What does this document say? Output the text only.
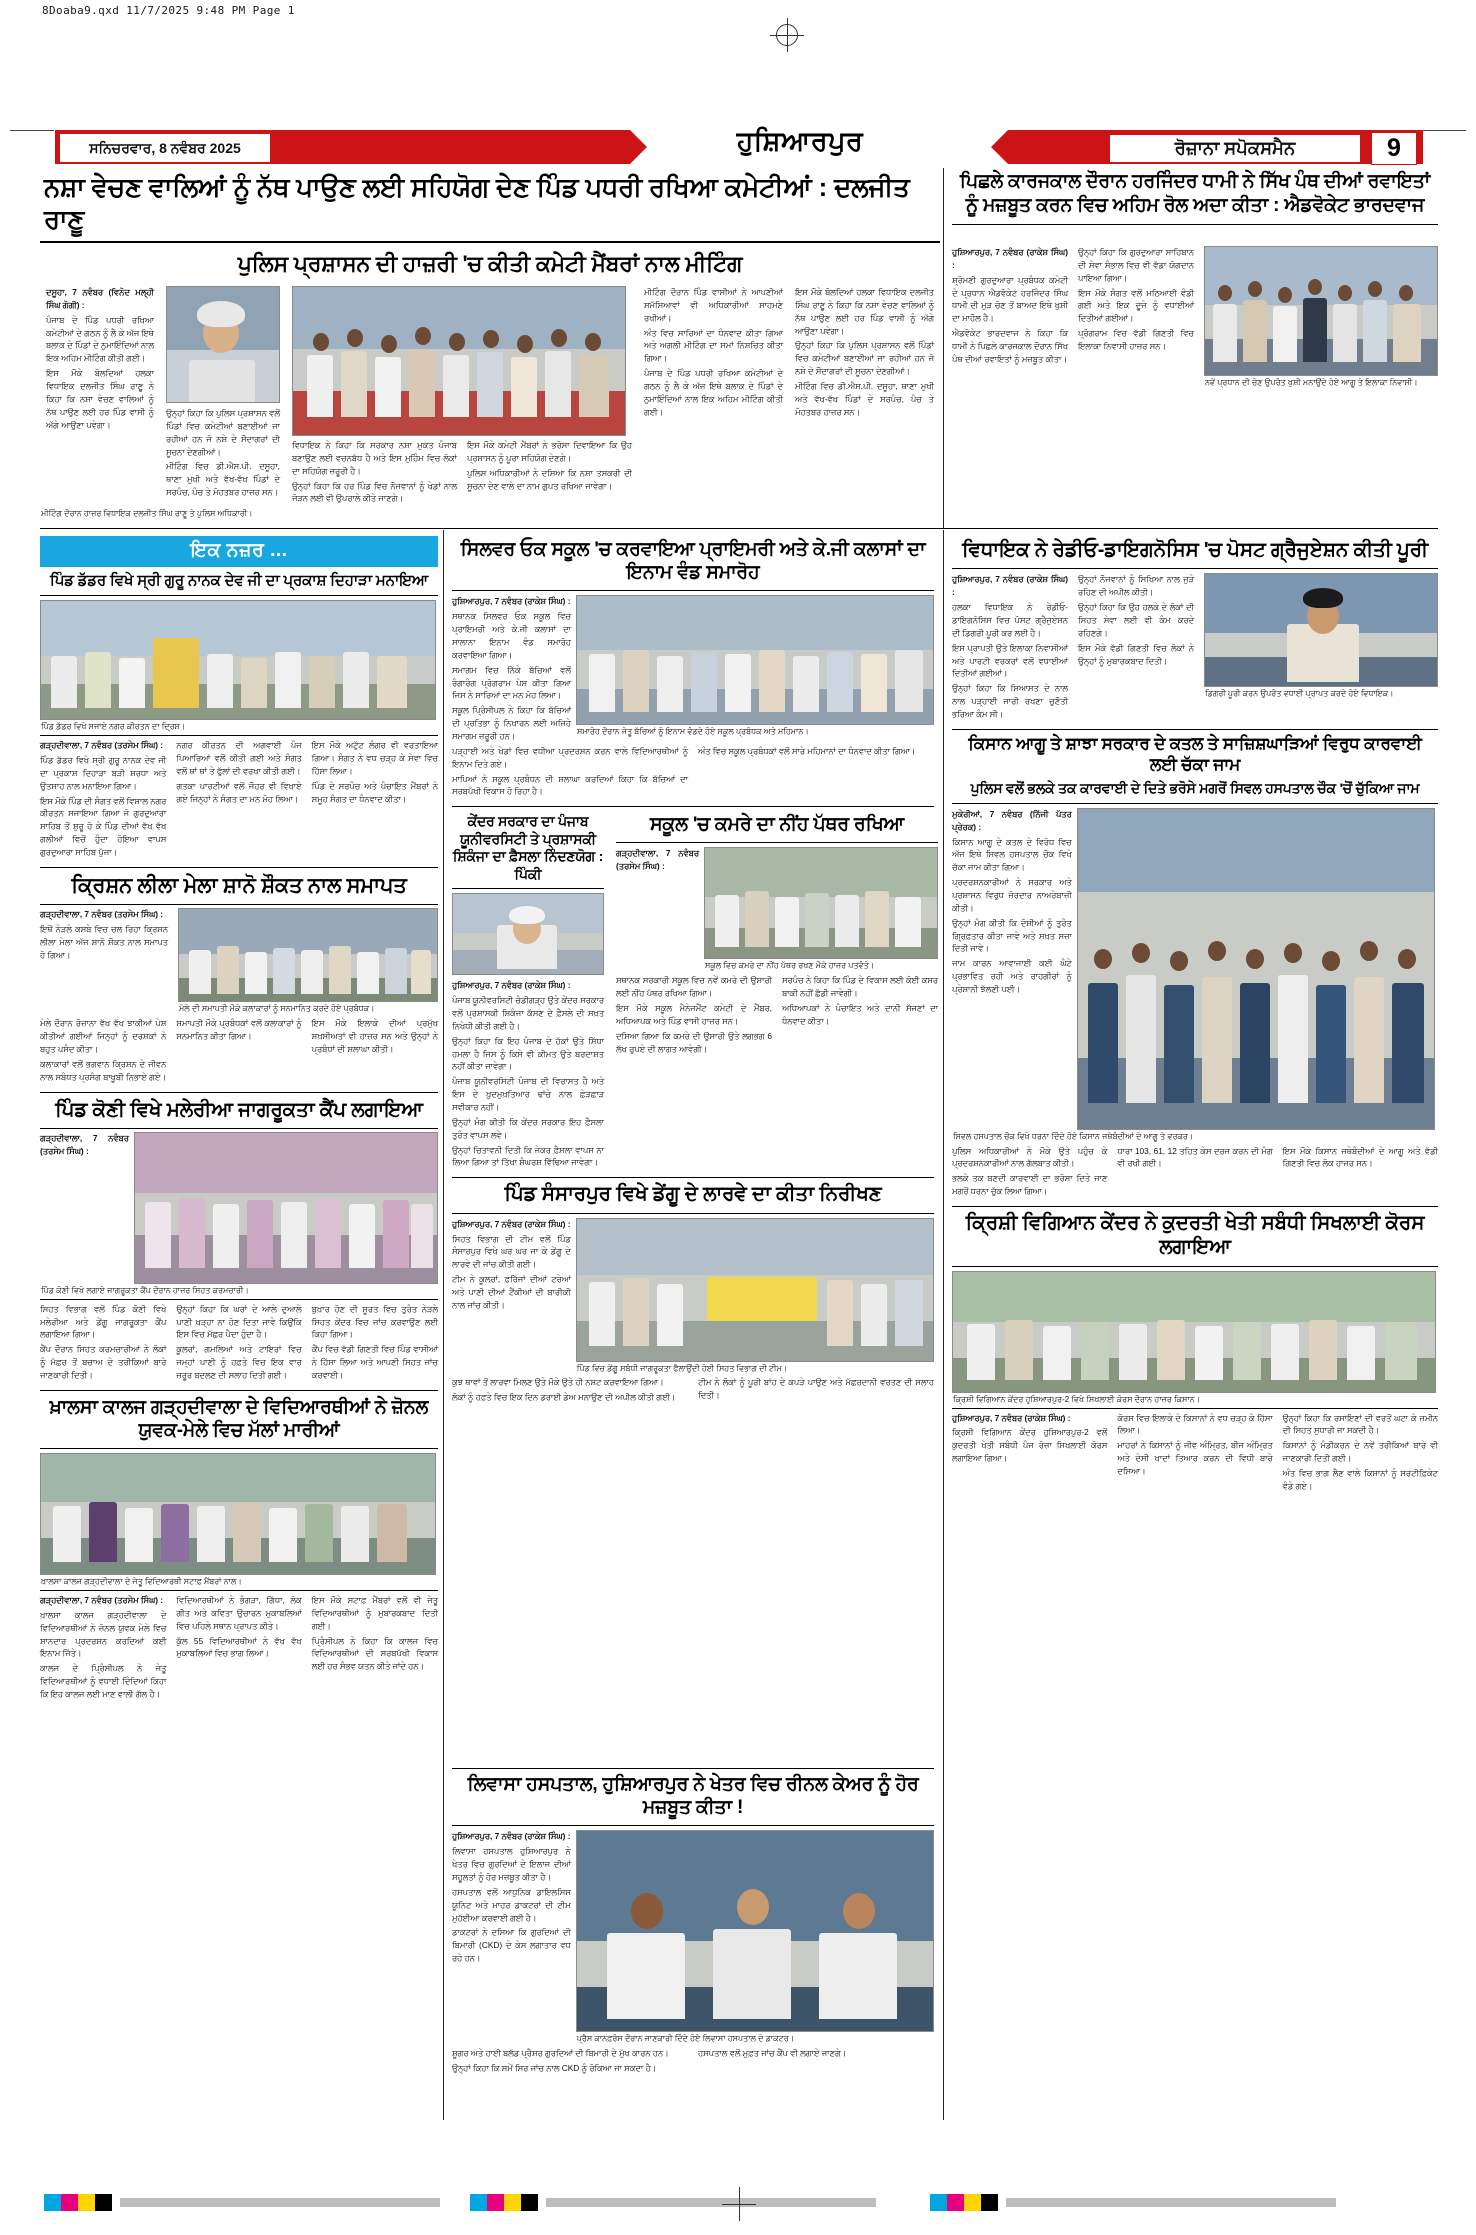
8Doaba9.qxd 11/7/2025 9:48 PM Page 1
ਸਨਿਚਰਵਾਰ, 8 ਨਵੰਬਰ 2025	ਹੁਸ਼ਿਆਰਪੁਰ	ਰੋਜ਼ਾਨਾ ਸਪੋਕਸਮੈਨ	9
ਨਸ਼ਾ ਵੇਚਣ ਵਾਲਿਆਂ ਨੂੰ ਨੱਥ ਪਾਉਣ ਲਈ ਸਹਿਯੋਗ ਦੇਣ ਪਿੰਡ ਪਧਰੀ ਰਖਿਆ ਕਮੇਟੀਆਂ : ਦਲਜੀਤ ਰਾਣੂ
ਪੁਲਿਸ ਪ੍ਰਸ਼ਾਸਨ ਦੀ ਹਾਜ਼ਰੀ 'ਚ ਕੀਤੀ ਕਮੇਟੀ ਮੈਂਬਰਾਂ ਨਾਲ ਮੀਟਿੰਗ
ਪਿਛਲੇ ਕਾਰਜਕਾਲ ਦੌਰਾਨ ਹਰਜਿੰਦਰ ਧਾਮੀ ਨੇ ਸਿੱਖ ਪੰਥ ਦੀਆਂ ਰਵਾਇਤਾਂ ਨੂੰ ਮਜ਼ਬੂਤ ਕਰਨ ਵਿਚ ਅਹਿਮ ਰੋਲ ਅਦਾ ਕੀਤਾ : ਐਡਵੋਕੇਟ ਭਾਰਦਵਾਜ

ਦਸੂਹਾ, 7 ਨਵੰਬਰ (ਵਿਨੋਦ ਮਲ੍ਹੀ ਸਿੰਘ ਗੋਗੀ) :

ਪੰਜਾਬ ਦੇ ਪਿੰਡ ਪਧਰੀ ਰਖਿਆ ਕਮੇਟੀਆਂ ਦੇ ਗਠਨ ਨੂੰ ਲੈ ਕੇ ਅੱਜ ਇਥੇ ਬਲਾਕ ਦੇ ਪਿੰਡਾਂ ਦੇ ਨੁਮਾਇੰਦਿਆਂ ਨਾਲ ਇਕ ਅਹਿਮ ਮੀਟਿੰਗ ਕੀਤੀ ਗਈ।

ਇਸ ਮੌਕੇ ਬੋਲਦਿਆਂ ਹਲਕਾ ਵਿਧਾਇਕ ਦਲਜੀਤ ਸਿੰਘ ਰਾਣੂ ਨੇ ਕਿਹਾ ਕਿ ਨਸ਼ਾ ਵੇਚਣ ਵਾਲਿਆਂ ਨੂੰ ਨੱਥ ਪਾਉਣ ਲਈ ਹਰ ਪਿੰਡ ਵਾਸੀ ਨੂੰ ਅੱਗੇ ਆਉਣਾ ਪਵੇਗਾ।

ਉਨ੍ਹਾਂ ਕਿਹਾ ਕਿ ਪੁਲਿਸ ਪ੍ਰਸ਼ਾਸਨ ਵਲੋਂ ਪਿੰਡਾਂ ਵਿਚ ਕਮੇਟੀਆਂ ਬਣਾਈਆਂ ਜਾ ਰਹੀਆਂ ਹਨ ਜੋ ਨਸ਼ੇ ਦੇ ਸੌਦਾਗਰਾਂ ਦੀ ਸੂਚਨਾ ਦੇਣਗੀਆਂ।

ਮੀਟਿੰਗ ਵਿਚ ਡੀ.ਐਸ.ਪੀ. ਦਸੂਹਾ, ਥਾਣਾ ਮੁਖੀ ਅਤੇ ਵੱਖ-ਵੱਖ ਪਿੰਡਾਂ ਦੇ ਸਰਪੰਚ, ਪੰਚ ਤੇ ਮੋਹਤਬਰ ਹਾਜ਼ਰ ਸਨ।

ਵਿਧਾਇਕ ਨੇ ਕਿਹਾ ਕਿ ਸਰਕਾਰ ਨਸ਼ਾ ਮੁਕਤ ਪੰਜਾਬ ਬਣਾਉਣ ਲਈ ਵਚਨਬੱਧ ਹੈ ਅਤੇ ਇਸ ਮੁਹਿੰਮ ਵਿਚ ਲੋਕਾਂ ਦਾ ਸਹਿਯੋਗ ਜ਼ਰੂਰੀ ਹੈ।

ਉਨ੍ਹਾਂ ਕਿਹਾ ਕਿ ਹਰ ਪਿੰਡ ਵਿਚ ਨੌਜਵਾਨਾਂ ਨੂੰ ਖੇਡਾਂ ਨਾਲ ਜੋੜਨ ਲਈ ਵੀ ਉਪਰਾਲੇ ਕੀਤੇ ਜਾਣਗੇ।

ਇਸ ਮੌਕੇ ਕਮੇਟੀ ਮੈਂਬਰਾਂ ਨੇ ਭਰੋਸਾ ਦਿਵਾਇਆ ਕਿ ਉਹ ਪ੍ਰਸ਼ਾਸਨ ਨੂੰ ਪੂਰਾ ਸਹਿਯੋਗ ਦੇਣਗੇ।

ਪੁਲਿਸ ਅਧਿਕਾਰੀਆਂ ਨੇ ਦਸਿਆ ਕਿ ਨਸ਼ਾ ਤਸਕਰੀ ਦੀ ਸੂਚਨਾ ਦੇਣ ਵਾਲੇ ਦਾ ਨਾਮ ਗੁਪਤ ਰਖਿਆ ਜਾਵੇਗਾ।

ਮੀਟਿੰਗ ਦੌਰਾਨ ਪਿੰਡ ਵਾਸੀਆਂ ਨੇ ਆਪਣੀਆਂ ਸਮੱਸਿਆਵਾਂ ਵੀ ਅਧਿਕਾਰੀਆਂ ਸਾਹਮਣੇ ਰਖੀਆਂ।

ਅੰਤ ਵਿਚ ਸਾਰਿਆਂ ਦਾ ਧੰਨਵਾਦ ਕੀਤਾ ਗਿਆ ਅਤੇ ਅਗਲੀ ਮੀਟਿੰਗ ਦਾ ਸਮਾਂ ਨਿਸ਼ਚਿਤ ਕੀਤਾ ਗਿਆ।

ਪੰਜਾਬ ਦੇ ਪਿੰਡ ਪਧਰੀ ਰਖਿਆ ਕਮੇਟੀਆਂ ਦੇ ਗਠਨ ਨੂੰ ਲੈ ਕੇ ਅੱਜ ਇਥੇ ਬਲਾਕ ਦੇ ਪਿੰਡਾਂ ਦੇ ਨੁਮਾਇੰਦਿਆਂ ਨਾਲ ਇਕ ਅਹਿਮ ਮੀਟਿੰਗ ਕੀਤੀ ਗਈ।

ਇਸ ਮੌਕੇ ਬੋਲਦਿਆਂ ਹਲਕਾ ਵਿਧਾਇਕ ਦਲਜੀਤ ਸਿੰਘ ਰਾਣੂ ਨੇ ਕਿਹਾ ਕਿ ਨਸ਼ਾ ਵੇਚਣ ਵਾਲਿਆਂ ਨੂੰ ਨੱਥ ਪਾਉਣ ਲਈ ਹਰ ਪਿੰਡ ਵਾਸੀ ਨੂੰ ਅੱਗੇ ਆਉਣਾ ਪਵੇਗਾ।

ਉਨ੍ਹਾਂ ਕਿਹਾ ਕਿ ਪੁਲਿਸ ਪ੍ਰਸ਼ਾਸਨ ਵਲੋਂ ਪਿੰਡਾਂ ਵਿਚ ਕਮੇਟੀਆਂ ਬਣਾਈਆਂ ਜਾ ਰਹੀਆਂ ਹਨ ਜੋ ਨਸ਼ੇ ਦੇ ਸੌਦਾਗਰਾਂ ਦੀ ਸੂਚਨਾ ਦੇਣਗੀਆਂ।

ਮੀਟਿੰਗ ਵਿਚ ਡੀ.ਐਸ.ਪੀ. ਦਸੂਹਾ, ਥਾਣਾ ਮੁਖੀ ਅਤੇ ਵੱਖ-ਵੱਖ ਪਿੰਡਾਂ ਦੇ ਸਰਪੰਚ, ਪੰਚ ਤੇ ਮੋਹਤਬਰ ਹਾਜ਼ਰ ਸਨ।

ਮੀਟਿੰਗ ਦੌਰਾਨ ਹਾਜ਼ਰ ਵਿਧਾਇਕ ਦਲਜੀਤ ਸਿੰਘ ਰਾਣੂ ਤੇ ਪੁਲਿਸ ਅਧਿਕਾਰੀ।

ਹੁਸ਼ਿਆਰਪੁਰ, 7 ਨਵੰਬਰ (ਰਾਕੇਸ਼ ਸਿੰਘ) :

ਸ਼੍ਰੋਮਣੀ ਗੁਰਦੁਆਰਾ ਪ੍ਰਬੰਧਕ ਕਮੇਟੀ ਦੇ ਪ੍ਰਧਾਨ ਐਡਵੋਕੇਟ ਹਰਜਿੰਦਰ ਸਿੰਘ ਧਾਮੀ ਦੀ ਮੁੜ ਚੋਣ ਤੋਂ ਬਾਅਦ ਇਥੇ ਖੁਸ਼ੀ ਦਾ ਮਾਹੌਲ ਹੈ।

ਐਡਵੋਕੇਟ ਭਾਰਦਵਾਜ ਨੇ ਕਿਹਾ ਕਿ ਧਾਮੀ ਨੇ ਪਿਛਲੇ ਕਾਰਜਕਾਲ ਦੌਰਾਨ ਸਿੱਖ ਪੰਥ ਦੀਆਂ ਰਵਾਇਤਾਂ ਨੂੰ ਮਜ਼ਬੂਤ ਕੀਤਾ।

ਉਨ੍ਹਾਂ ਕਿਹਾ ਕਿ ਗੁਰਦੁਆਰਾ ਸਾਹਿਬਾਨ ਦੀ ਸੇਵਾ ਸੰਭਾਲ ਵਿਚ ਵੀ ਵੱਡਾ ਯੋਗਦਾਨ ਪਾਇਆ ਗਿਆ।

ਇਸ ਮੌਕੇ ਸੰਗਤ ਵਲੋਂ ਮਠਿਆਈ ਵੰਡੀ ਗਈ ਅਤੇ ਇਕ ਦੂਜੇ ਨੂੰ ਵਧਾਈਆਂ ਦਿਤੀਆਂ ਗਈਆਂ।

ਪ੍ਰੋਗਰਾਮ ਵਿਚ ਵੱਡੀ ਗਿਣਤੀ ਵਿਚ ਇਲਾਕਾ ਨਿਵਾਸੀ ਹਾਜ਼ਰ ਸਨ।

ਨਵੇਂ ਪ੍ਰਧਾਨ ਦੀ ਚੋਣ ਉਪਰੰਤ ਖੁਸ਼ੀ ਮਨਾਉਂਦੇ ਹੋਏ ਆਗੂ ਤੇ ਇਲਾਕਾ ਨਿਵਾਸੀ।
ਇਕ ਨਜ਼ਰ ...
ਪਿੰਡ ਡੱਡਰ ਵਿਖੇ ਸ੍ਰੀ ਗੁਰੂ ਨਾਨਕ ਦੇਵ ਜੀ ਦਾ ਪ੍ਰਕਾਸ਼ ਦਿਹਾੜਾ ਮਨਾਇਆ
ਪਿੰਡ ਡੱਡਰ ਵਿਖੇ ਸਜਾਏ ਨਗਰ ਕੀਰਤਨ ਦਾ ਦ੍ਰਿਸ਼।

ਗੜ੍ਹਦੀਵਾਲਾ, 7 ਨਵੰਬਰ (ਤਰਸੇਮ ਸਿੰਘ) :

ਪਿੰਡ ਡੱਡਰ ਵਿਖੇ ਸ੍ਰੀ ਗੁਰੂ ਨਾਨਕ ਦੇਵ ਜੀ ਦਾ ਪ੍ਰਕਾਸ਼ ਦਿਹਾੜਾ ਬੜੀ ਸ਼ਰਧਾ ਅਤੇ ਉਤਸ਼ਾਹ ਨਾਲ ਮਨਾਇਆ ਗਿਆ।

ਇਸ ਮੌਕੇ ਪਿੰਡ ਦੀ ਸੰਗਤ ਵਲੋਂ ਵਿਸ਼ਾਲ ਨਗਰ ਕੀਰਤਨ ਸਜਾਇਆ ਗਿਆ ਜੋ ਗੁਰਦੁਆਰਾ ਸਾਹਿਬ ਤੋਂ ਸ਼ੁਰੂ ਹੋ ਕੇ ਪਿੰਡ ਦੀਆਂ ਵੱਖ ਵੱਖ ਗਲੀਆਂ ਵਿਚੋਂ ਹੁੰਦਾ ਹੋਇਆ ਵਾਪਸ ਗੁਰਦੁਆਰਾ ਸਾਹਿਬ ਪੁੱਜਾ।

ਨਗਰ ਕੀਰਤਨ ਦੀ ਅਗਵਾਈ ਪੰਜ ਪਿਆਰਿਆਂ ਵਲੋਂ ਕੀਤੀ ਗਈ ਅਤੇ ਸੰਗਤ ਵਲੋਂ ਥਾਂ ਥਾਂ ਤੇ ਫੁੱਲਾਂ ਦੀ ਵਰਖਾ ਕੀਤੀ ਗਈ।

ਗਤਕਾ ਪਾਰਟੀਆਂ ਵਲੋਂ ਜੌਹਰ ਵੀ ਵਿਖਾਏ ਗਏ ਜਿਨ੍ਹਾਂ ਨੇ ਸੰਗਤ ਦਾ ਮਨ ਮੋਹ ਲਿਆ।

ਇਸ ਮੌਕੇ ਅਟੁੱਟ ਲੰਗਰ ਵੀ ਵਰਤਾਇਆ ਗਿਆ। ਸੰਗਤ ਨੇ ਵਧ ਚੜ੍ਹ ਕੇ ਸੇਵਾ ਵਿਚ ਹਿੱਸਾ ਲਿਆ।

ਪਿੰਡ ਦੇ ਸਰਪੰਚ ਅਤੇ ਪੰਚਾਇਤ ਮੈਂਬਰਾਂ ਨੇ ਸਮੂਹ ਸੰਗਤ ਦਾ ਧੰਨਵਾਦ ਕੀਤਾ।

ਕ੍ਰਿਸ਼ਨ ਲੀਲਾ ਮੇਲਾ ਸ਼ਾਨੋ ਸ਼ੌਕਤ ਨਾਲ ਸਮਾਪਤ

ਗੜ੍ਹਦੀਵਾਲਾ, 7 ਨਵੰਬਰ (ਤਰਸੇਮ ਸਿੰਘ) :

ਇਥੋਂ ਨੇੜਲੇ ਕਸਬੇ ਵਿਚ ਚਲ ਰਿਹਾ ਕ੍ਰਿਸ਼ਨ ਲੀਲਾ ਮੇਲਾ ਅੱਜ ਸ਼ਾਨੋ ਸ਼ੌਕਤ ਨਾਲ ਸਮਾਪਤ ਹੋ ਗਿਆ।

ਮੇਲੇ ਦੀ ਸਮਾਪਤੀ ਮੌਕੇ ਕਲਾਕਾਰਾਂ ਨੂੰ ਸਨਮਾਨਿਤ ਕਰਦੇ ਹੋਏ ਪ੍ਰਬੰਧਕ।

ਮੇਲੇ ਦੌਰਾਨ ਰੋਜ਼ਾਨਾ ਵੱਖ ਵੱਖ ਝਾਕੀਆਂ ਪੇਸ਼ ਕੀਤੀਆਂ ਗਈਆਂ ਜਿਨ੍ਹਾਂ ਨੂੰ ਦਰਸ਼ਕਾਂ ਨੇ ਬਹੁਤ ਪਸੰਦ ਕੀਤਾ।

ਕਲਾਕਾਰਾਂ ਵਲੋਂ ਭਗਵਾਨ ਕ੍ਰਿਸ਼ਨ ਦੇ ਜੀਵਨ ਨਾਲ ਸਬੰਧਤ ਪ੍ਰਸੰਗ ਬਾਖੂਬੀ ਨਿਭਾਏ ਗਏ।

ਸਮਾਪਤੀ ਮੌਕੇ ਪ੍ਰਬੰਧਕਾਂ ਵਲੋਂ ਕਲਾਕਾਰਾਂ ਨੂੰ ਸਨਮਾਨਿਤ ਕੀਤਾ ਗਿਆ।

ਇਸ ਮੌਕੇ ਇਲਾਕੇ ਦੀਆਂ ਪ੍ਰਮੁੱਖ ਸ਼ਖ਼ਸੀਅਤਾਂ ਵੀ ਹਾਜ਼ਰ ਸਨ ਅਤੇ ਉਨ੍ਹਾਂ ਨੇ ਪ੍ਰਬੰਧਾਂ ਦੀ ਸ਼ਲਾਘਾ ਕੀਤੀ।

ਪਿੰਡ ਕੋਣੀ ਵਿਖੇ ਮਲੇਰੀਆ ਜਾਗਰੂਕਤਾ ਕੈਂਪ ਲਗਾਇਆ

ਗੜ੍ਹਦੀਵਾਲਾ, 7 ਨਵੰਬਰ (ਤਰਸੇਮ ਸਿੰਘ) :

ਪਿੰਡ ਕੋਣੀ ਵਿਖੇ ਲਗਾਏ ਜਾਗਰੂਕਤਾ ਕੈਂਪ ਦੌਰਾਨ ਹਾਜ਼ਰ ਸਿਹਤ ਕਰਮਚਾਰੀ।

ਸਿਹਤ ਵਿਭਾਗ ਵਲੋਂ ਪਿੰਡ ਕੋਣੀ ਵਿਖੇ ਮਲੇਰੀਆ ਅਤੇ ਡੇਂਗੂ ਜਾਗਰੂਕਤਾ ਕੈਂਪ ਲਗਾਇਆ ਗਿਆ।

ਕੈਂਪ ਦੌਰਾਨ ਸਿਹਤ ਕਰਮਚਾਰੀਆਂ ਨੇ ਲੋਕਾਂ ਨੂੰ ਮੱਛਰ ਤੋਂ ਬਚਾਅ ਦੇ ਤਰੀਕਿਆਂ ਬਾਰੇ ਜਾਣਕਾਰੀ ਦਿਤੀ।

ਉਨ੍ਹਾਂ ਕਿਹਾ ਕਿ ਘਰਾਂ ਦੇ ਆਲੇ ਦੁਆਲੇ ਪਾਣੀ ਖੜ੍ਹਾ ਨਾ ਹੋਣ ਦਿਤਾ ਜਾਵੇ ਕਿਉਂਕਿ ਇਸ ਵਿਚ ਮੱਛਰ ਪੈਦਾ ਹੁੰਦਾ ਹੈ।

ਕੂਲਰਾਂ, ਗਮਲਿਆਂ ਅਤੇ ਟਾਇਰਾਂ ਵਿਚ ਜਮ੍ਹਾਂ ਪਾਣੀ ਨੂੰ ਹਫ਼ਤੇ ਵਿਚ ਇਕ ਵਾਰ ਜ਼ਰੂਰ ਬਦਲਣ ਦੀ ਸਲਾਹ ਦਿਤੀ ਗਈ।

ਬੁਖ਼ਾਰ ਹੋਣ ਦੀ ਸੂਰਤ ਵਿਚ ਤੁਰੰਤ ਨੇੜਲੇ ਸਿਹਤ ਕੇਂਦਰ ਵਿਚ ਜਾਂਚ ਕਰਵਾਉਣ ਲਈ ਕਿਹਾ ਗਿਆ।

ਕੈਂਪ ਵਿਚ ਵੱਡੀ ਗਿਣਤੀ ਵਿਚ ਪਿੰਡ ਵਾਸੀਆਂ ਨੇ ਹਿੱਸਾ ਲਿਆ ਅਤੇ ਆਪਣੀ ਸਿਹਤ ਜਾਂਚ ਕਰਵਾਈ।

ਖ਼ਾਲਸਾ ਕਾਲਜ ਗੜ੍ਹਦੀਵਾਲਾ ਦੇ ਵਿਦਿਆਰਥੀਆਂ ਨੇ ਜ਼ੋਨਲ ਯੁਵਕ-ਮੇਲੇ ਵਿਚ ਮੱਲਾਂ ਮਾਰੀਆਂ
ਖ਼ਾਲਸਾ ਕਾਲਜ ਗੜ੍ਹਦੀਵਾਲਾ ਦੇ ਜੇਤੂ ਵਿਦਿਆਰਥੀ ਸਟਾਫ਼ ਮੈਂਬਰਾਂ ਨਾਲ।

ਗੜ੍ਹਦੀਵਾਲਾ, 7 ਨਵੰਬਰ (ਤਰਸੇਮ ਸਿੰਘ) :

ਖ਼ਾਲਸਾ ਕਾਲਜ ਗੜ੍ਹਦੀਵਾਲਾ ਦੇ ਵਿਦਿਆਰਥੀਆਂ ਨੇ ਜ਼ੋਨਲ ਯੁਵਕ ਮੇਲੇ ਵਿਚ ਸ਼ਾਨਦਾਰ ਪ੍ਰਦਰਸ਼ਨ ਕਰਦਿਆਂ ਕਈ ਇਨਾਮ ਜਿੱਤੇ।

ਕਾਲਜ ਦੇ ਪ੍ਰਿੰਸੀਪਲ ਨੇ ਜੇਤੂ ਵਿਦਿਆਰਥੀਆਂ ਨੂੰ ਵਧਾਈ ਦਿੰਦਿਆਂ ਕਿਹਾ ਕਿ ਇਹ ਕਾਲਜ ਲਈ ਮਾਣ ਵਾਲੀ ਗੱਲ ਹੈ।

ਵਿਦਿਆਰਥੀਆਂ ਨੇ ਭੰਗੜਾ, ਗਿੱਧਾ, ਲੋਕ ਗੀਤ ਅਤੇ ਕਵਿਤਾ ਉਚਾਰਨ ਮੁਕਾਬਲਿਆਂ ਵਿਚ ਪਹਿਲੇ ਸਥਾਨ ਪ੍ਰਾਪਤ ਕੀਤੇ।

ਕੁੱਲ 55 ਵਿਦਿਆਰਥੀਆਂ ਨੇ ਵੱਖ ਵੱਖ ਮੁਕਾਬਲਿਆਂ ਵਿਚ ਭਾਗ ਲਿਆ।

ਇਸ ਮੌਕੇ ਸਟਾਫ਼ ਮੈਂਬਰਾਂ ਵਲੋਂ ਵੀ ਜੇਤੂ ਵਿਦਿਆਰਥੀਆਂ ਨੂੰ ਮੁਬਾਰਕਬਾਦ ਦਿਤੀ ਗਈ।

ਪ੍ਰਿੰਸੀਪਲ ਨੇ ਕਿਹਾ ਕਿ ਕਾਲਜ ਵਿਚ ਵਿਦਿਆਰਥੀਆਂ ਦੀ ਸਰਬਪੱਖੀ ਵਿਕਾਸ ਲਈ ਹਰ ਸੰਭਵ ਯਤਨ ਕੀਤੇ ਜਾਂਦੇ ਹਨ।

ਸਿਲਵਰ ਓਕ ਸਕੂਲ 'ਚ ਕਰਵਾਇਆ ਪ੍ਰਾਇਮਰੀ ਅਤੇ ਕੇ.ਜੀ ਕਲਾਸਾਂ ਦਾ ਇਨਾਮ ਵੰਡ ਸਮਾਰੋਹ

ਹੁਸ਼ਿਆਰਪੁਰ, 7 ਨਵੰਬਰ (ਰਾਕੇਸ਼ ਸਿੰਘ) :

ਸਥਾਨਕ ਸਿਲਵਰ ਓਕ ਸਕੂਲ ਵਿਚ ਪ੍ਰਾਇਮਰੀ ਅਤੇ ਕੇ.ਜੀ ਕਲਾਸਾਂ ਦਾ ਸਾਲਾਨਾ ਇਨਾਮ ਵੰਡ ਸਮਾਰੋਹ ਕਰਵਾਇਆ ਗਿਆ।

ਸਮਾਗਮ ਵਿਚ ਨਿੱਕੇ ਬੱਚਿਆਂ ਵਲੋਂ ਰੰਗਾਰੰਗ ਪ੍ਰੋਗਰਾਮ ਪੇਸ਼ ਕੀਤਾ ਗਿਆ ਜਿਸ ਨੇ ਸਾਰਿਆਂ ਦਾ ਮਨ ਮੋਹ ਲਿਆ।

ਸਕੂਲ ਪ੍ਰਿੰਸੀਪਲ ਨੇ ਕਿਹਾ ਕਿ ਬੱਚਿਆਂ ਦੀ ਪ੍ਰਤਿਭਾ ਨੂੰ ਨਿਖਾਰਨ ਲਈ ਅਜਿਹੇ ਸਮਾਗਮ ਜ਼ਰੂਰੀ ਹਨ।	ਸਮਾਰੋਹ ਦੌਰਾਨ ਜੇਤੂ ਬੱਚਿਆਂ ਨੂੰ ਇਨਾਮ ਵੰਡਦੇ ਹੋਏ ਸਕੂਲ ਪ੍ਰਬੰਧਕ ਅਤੇ ਮਹਿਮਾਨ।

ਪੜ੍ਹਾਈ ਅਤੇ ਖੇਡਾਂ ਵਿਚ ਵਧੀਆ ਪ੍ਰਦਰਸ਼ਨ ਕਰਨ ਵਾਲੇ ਵਿਦਿਆਰਥੀਆਂ ਨੂੰ ਇਨਾਮ ਦਿਤੇ ਗਏ।

ਮਾਪਿਆਂ ਨੇ ਸਕੂਲ ਪ੍ਰਬੰਧਨ ਦੀ ਸ਼ਲਾਘਾ ਕਰਦਿਆਂ ਕਿਹਾ ਕਿ ਬੱਚਿਆਂ ਦਾ ਸਰਬਪੱਖੀ ਵਿਕਾਸ ਹੋ ਰਿਹਾ ਹੈ।

ਅੰਤ ਵਿਚ ਸਕੂਲ ਪ੍ਰਬੰਧਕਾਂ ਵਲੋਂ ਸਾਰੇ ਮਹਿਮਾਨਾਂ ਦਾ ਧੰਨਵਾਦ ਕੀਤਾ ਗਿਆ।

ਕੇਂਦਰ ਸਰਕਾਰ ਦਾ ਪੰਜਾਬ ਯੂਨੀਵਰਸਿਟੀ ਤੇ ਪ੍ਰਸ਼ਾਸਕੀ ਸ਼ਿਕੰਜਾ ਦਾ ਫ਼ੈਸਲਾ ਨਿੰਦਣਯੋਗ : ਪਿੰਕੀ

ਹੁਸ਼ਿਆਰਪੁਰ, 7 ਨਵੰਬਰ (ਰਾਕੇਸ਼ ਸਿੰਘ) :

ਪੰਜਾਬ ਯੂਨੀਵਰਸਿਟੀ ਚੰਡੀਗੜ੍ਹ ਉਤੇ ਕੇਂਦਰ ਸਰਕਾਰ ਵਲੋਂ ਪ੍ਰਸ਼ਾਸਕੀ ਸ਼ਿਕੰਜਾ ਕੱਸਣ ਦੇ ਫ਼ੈਸਲੇ ਦੀ ਸਖ਼ਤ ਨਿਖੇਧੀ ਕੀਤੀ ਗਈ ਹੈ।

ਉਨ੍ਹਾਂ ਕਿਹਾ ਕਿ ਇਹ ਪੰਜਾਬ ਦੇ ਹੱਕਾਂ ਉਤੇ ਸਿੱਧਾ ਹਮਲਾ ਹੈ ਜਿਸ ਨੂੰ ਕਿਸੇ ਵੀ ਕੀਮਤ ਉਤੇ ਬਰਦਾਸ਼ਤ ਨਹੀਂ ਕੀਤਾ ਜਾਵੇਗਾ।

ਪੰਜਾਬ ਯੂਨੀਵਰਸਿਟੀ ਪੰਜਾਬ ਦੀ ਵਿਰਾਸਤ ਹੈ ਅਤੇ ਇਸ ਦੇ ਖ਼ੁਦਮੁਖ਼ਤਿਆਰ ਢਾਂਚੇ ਨਾਲ ਛੇੜਛਾੜ ਸਵੀਕਾਰ ਨਹੀਂ।

ਉਨ੍ਹਾਂ ਮੰਗ ਕੀਤੀ ਕਿ ਕੇਂਦਰ ਸਰਕਾਰ ਇਹ ਫ਼ੈਸਲਾ ਤੁਰੰਤ ਵਾਪਸ ਲਵੇ।

ਉਨ੍ਹਾਂ ਚਿਤਾਵਨੀ ਦਿਤੀ ਕਿ ਜੇਕਰ ਫ਼ੈਸਲਾ ਵਾਪਸ ਨਾ ਲਿਆ ਗਿਆ ਤਾਂ ਤਿੱਖਾ ਸੰਘਰਸ਼ ਵਿੱਢਿਆ ਜਾਵੇਗਾ।

ਸਕੂਲ 'ਚ ਕਮਰੇ ਦਾ ਨੀਂਹ ਪੱਥਰ ਰਖਿਆ

ਗੜ੍ਹਦੀਵਾਲਾ, 7 ਨਵੰਬਰ (ਤਰਸੇਮ ਸਿੰਘ) :

ਸਕੂਲ ਵਿਚ ਕਮਰੇ ਦਾ ਨੀਂਹ ਪੱਥਰ ਰਖਣ ਮੌਕੇ ਹਾਜ਼ਰ ਪਤਵੰਤੇ।

ਸਥਾਨਕ ਸਰਕਾਰੀ ਸਕੂਲ ਵਿਚ ਨਵੇਂ ਕਮਰੇ ਦੀ ਉਸਾਰੀ ਲਈ ਨੀਂਹ ਪੱਥਰ ਰਖਿਆ ਗਿਆ।

ਇਸ ਮੌਕੇ ਸਕੂਲ ਮੈਨੇਜਮੈਂਟ ਕਮੇਟੀ ਦੇ ਮੈਂਬਰ, ਅਧਿਆਪਕ ਅਤੇ ਪਿੰਡ ਵਾਸੀ ਹਾਜ਼ਰ ਸਨ।

ਦਸਿਆ ਗਿਆ ਕਿ ਕਮਰੇ ਦੀ ਉਸਾਰੀ ਉਤੇ ਲਗਭਗ 6 ਲੱਖ ਰੁਪਏ ਦੀ ਲਾਗਤ ਆਵੇਗੀ।

ਸਰਪੰਚ ਨੇ ਕਿਹਾ ਕਿ ਪਿੰਡ ਦੇ ਵਿਕਾਸ ਲਈ ਕੋਈ ਕਸਰ ਬਾਕੀ ਨਹੀਂ ਛੱਡੀ ਜਾਵੇਗੀ।

ਅਧਿਆਪਕਾਂ ਨੇ ਪੰਚਾਇਤ ਅਤੇ ਦਾਨੀ ਸੱਜਣਾਂ ਦਾ ਧੰਨਵਾਦ ਕੀਤਾ।

ਪਿੰਡ ਸੰਸਾਰਪੁਰ ਵਿਖੇ ਡੇਂਗੂ ਦੇ ਲਾਰਵੇ ਦਾ ਕੀਤਾ ਨਿਰੀਖਣ

ਹੁਸ਼ਿਆਰਪੁਰ, 7 ਨਵੰਬਰ (ਰਾਕੇਸ਼ ਸਿੰਘ) :

ਸਿਹਤ ਵਿਭਾਗ ਦੀ ਟੀਮ ਵਲੋਂ ਪਿੰਡ ਸੰਸਾਰਪੁਰ ਵਿਖੇ ਘਰ ਘਰ ਜਾ ਕੇ ਡੇਂਗੂ ਦੇ ਲਾਰਵੇ ਦੀ ਜਾਂਚ ਕੀਤੀ ਗਈ।

ਟੀਮ ਨੇ ਕੂਲਰਾਂ, ਫ਼ਰਿੱਜਾਂ ਦੀਆਂ ਟਰੇਆਂ ਅਤੇ ਪਾਣੀ ਦੀਆਂ ਟੈਂਕੀਆਂ ਦੀ ਬਾਰੀਕੀ ਨਾਲ ਜਾਂਚ ਕੀਤੀ।

ਪਿੰਡ ਵਿਚ ਡੇਂਗੂ ਸਬੰਧੀ ਜਾਗਰੂਕਤਾ ਫੈਲਾਉਂਦੀ ਹੋਈ ਸਿਹਤ ਵਿਭਾਗ ਦੀ ਟੀਮ।

ਕੁਝ ਥਾਵਾਂ ਤੋਂ ਲਾਰਵਾ ਮਿਲਣ ਉਤੇ ਮੌਕੇ ਉਤੇ ਹੀ ਨਸ਼ਟ ਕਰਵਾਇਆ ਗਿਆ।

ਲੋਕਾਂ ਨੂੰ ਹਫ਼ਤੇ ਵਿਚ ਇਕ ਦਿਨ ਡਰਾਈ ਡੇਅ ਮਨਾਉਣ ਦੀ ਅਪੀਲ ਕੀਤੀ ਗਈ।

ਟੀਮ ਨੇ ਲੋਕਾਂ ਨੂੰ ਪੂਰੀ ਬਾਂਹ ਦੇ ਕਪੜੇ ਪਾਉਣ ਅਤੇ ਮੱਛਰਦਾਨੀ ਵਰਤਣ ਦੀ ਸਲਾਹ ਦਿਤੀ।

ਵਿਧਾਇਕ ਨੇ ਰੇਡੀਓ-ਡਾਇਗਨੋਸਿਸ 'ਚ ਪੋਸਟ ਗ੍ਰੈਜੁਏਸ਼ਨ ਕੀਤੀ ਪੂਰੀ

ਹੁਸ਼ਿਆਰਪੁਰ, 7 ਨਵੰਬਰ (ਰਾਕੇਸ਼ ਸਿੰਘ) :

ਹਲਕਾ ਵਿਧਾਇਕ ਨੇ ਰੇਡੀਓ-ਡਾਇਗਨੋਸਿਸ ਵਿਚ ਪੋਸਟ ਗ੍ਰੈਜੁਏਸ਼ਨ ਦੀ ਡਿਗਰੀ ਪੂਰੀ ਕਰ ਲਈ ਹੈ।

ਇਸ ਪ੍ਰਾਪਤੀ ਉਤੇ ਇਲਾਕਾ ਨਿਵਾਸੀਆਂ ਅਤੇ ਪਾਰਟੀ ਵਰਕਰਾਂ ਵਲੋਂ ਵਧਾਈਆਂ ਦਿਤੀਆਂ ਗਈਆਂ।

ਉਨ੍ਹਾਂ ਕਿਹਾ ਕਿ ਸਿਆਸਤ ਦੇ ਨਾਲ ਨਾਲ ਪੜ੍ਹਾਈ ਜਾਰੀ ਰਖਣਾ ਚੁਣੌਤੀ ਭਰਿਆ ਕੰਮ ਸੀ।

ਉਨ੍ਹਾਂ ਨੌਜਵਾਨਾਂ ਨੂੰ ਸਿਖਿਆ ਨਾਲ ਜੁੜੇ ਰਹਿਣ ਦੀ ਅਪੀਲ ਕੀਤੀ।

ਉਨ੍ਹਾਂ ਕਿਹਾ ਕਿ ਉਹ ਹਲਕੇ ਦੇ ਲੋਕਾਂ ਦੀ ਸਿਹਤ ਸੇਵਾ ਲਈ ਵੀ ਕੰਮ ਕਰਦੇ ਰਹਿਣਗੇ।

ਇਸ ਮੌਕੇ ਵੱਡੀ ਗਿਣਤੀ ਵਿਚ ਲੋਕਾਂ ਨੇ ਉਨ੍ਹਾਂ ਨੂੰ ਮੁਬਾਰਕਬਾਦ ਦਿਤੀ।

ਡਿਗਰੀ ਪੂਰੀ ਕਰਨ ਉਪਰੰਤ ਵਧਾਈ ਪ੍ਰਾਪਤ ਕਰਦੇ ਹੋਏ ਵਿਧਾਇਕ।
ਕਿਸਾਨ ਆਗੂ ਤੇ ਸ਼ਾਝਾ ਸਰਕਾਰ ਦੇ ਕਤਲ ਤੇ ਸਾਜ਼ਿਸ਼ਘਾੜਿਆਂ ਵਿਰੁਧ ਕਾਰਵਾਈ ਲਈ ਚੱਕਾ ਜਾਮ
ਪੁਲਿਸ ਵਲੋਂ ਭਲਕੇ ਤਕ ਕਾਰਵਾਈ ਦੇ ਦਿਤੇ ਭਰੋਸੇ ਮਗਰੋਂ ਸਿਵਲ ਹਸਪਤਾਲ ਚੌਕ 'ਚੋਂ ਚੁੱਕਿਆ ਜਾਮ

ਮੁਕੇਰੀਆਂ, 7 ਨਵੰਬਰ (ਨਿੱਜੀ ਪੱਤਰ ਪ੍ਰੇਰਕ) :

ਕਿਸਾਨ ਆਗੂ ਦੇ ਕਤਲ ਦੇ ਵਿਰੋਧ ਵਿਚ ਅੱਜ ਇਥੇ ਸਿਵਲ ਹਸਪਤਾਲ ਚੌਕ ਵਿਖੇ ਚੱਕਾ ਜਾਮ ਕੀਤਾ ਗਿਆ।

ਪ੍ਰਦਰਸ਼ਨਕਾਰੀਆਂ ਨੇ ਸਰਕਾਰ ਅਤੇ ਪ੍ਰਸ਼ਾਸਨ ਵਿਰੁਧ ਜ਼ੋਰਦਾਰ ਨਾਅਰੇਬਾਜ਼ੀ ਕੀਤੀ।

ਉਨ੍ਹਾਂ ਮੰਗ ਕੀਤੀ ਕਿ ਦੋਸ਼ੀਆਂ ਨੂੰ ਤੁਰੰਤ ਗ੍ਰਿਫ਼ਤਾਰ ਕੀਤਾ ਜਾਵੇ ਅਤੇ ਸਖ਼ਤ ਸਜ਼ਾ ਦਿਤੀ ਜਾਵੇ।

ਜਾਮ ਕਾਰਨ ਆਵਾਜਾਈ ਕਈ ਘੰਟੇ ਪ੍ਰਭਾਵਿਤ ਰਹੀ ਅਤੇ ਰਾਹਗੀਰਾਂ ਨੂੰ ਪ੍ਰੇਸ਼ਾਨੀ ਝੱਲਣੀ ਪਈ।

ਸਿਵਲ ਹਸਪਤਾਲ ਚੌਕ ਵਿਖੇ ਧਰਨਾ ਦਿੰਦੇ ਹੋਏ ਕਿਸਾਨ ਜਥੇਬੰਦੀਆਂ ਦੇ ਆਗੂ ਤੇ ਵਰਕਰ।

ਪੁਲਿਸ ਅਧਿਕਾਰੀਆਂ ਨੇ ਮੌਕੇ ਉਤੇ ਪਹੁੰਚ ਕੇ ਪ੍ਰਦਰਸ਼ਨਕਾਰੀਆਂ ਨਾਲ ਗੱਲਬਾਤ ਕੀਤੀ।

ਭਲਕੇ ਤਕ ਬਣਦੀ ਕਾਰਵਾਈ ਦਾ ਭਰੋਸਾ ਦਿਤੇ ਜਾਣ ਮਗਰੋਂ ਧਰਨਾ ਚੁੱਕ ਲਿਆ ਗਿਆ।

ਧਾਰਾ 103, 61, 12 ਤਹਿਤ ਕੇਸ ਦਰਜ ਕਰਨ ਦੀ ਮੰਗ ਵੀ ਰਖੀ ਗਈ।

ਇਸ ਮੌਕੇ ਕਿਸਾਨ ਜਥੇਬੰਦੀਆਂ ਦੇ ਆਗੂ ਅਤੇ ਵੱਡੀ ਗਿਣਤੀ ਵਿਚ ਲੋਕ ਹਾਜ਼ਰ ਸਨ।

ਕ੍ਰਿਸ਼ੀ ਵਿਗਿਆਨ ਕੇਂਦਰ ਨੇ ਕੁਦਰਤੀ ਖੇਤੀ ਸਬੰਧੀ ਸਿਖਲਾਈ ਕੋਰਸ ਲਗਾਇਆ
ਕ੍ਰਿਸ਼ੀ ਵਿਗਿਆਨ ਕੇਂਦਰ ਹੁਸ਼ਿਆਰਪੁਰ-2 ਵਿਖੇ ਸਿਖਲਾਈ ਕੋਰਸ ਦੌਰਾਨ ਹਾਜ਼ਰ ਕਿਸਾਨ।

ਹੁਸ਼ਿਆਰਪੁਰ, 7 ਨਵੰਬਰ (ਰਾਕੇਸ਼ ਸਿੰਘ) :

ਕ੍ਰਿਸ਼ੀ ਵਿਗਿਆਨ ਕੇਂਦਰ ਹੁਸ਼ਿਆਰਪੁਰ-2 ਵਲੋਂ ਕੁਦਰਤੀ ਖੇਤੀ ਸਬੰਧੀ ਪੰਜ ਰੋਜ਼ਾ ਸਿਖਲਾਈ ਕੋਰਸ ਲਗਾਇਆ ਗਿਆ।

ਕੋਰਸ ਵਿਚ ਇਲਾਕੇ ਦੇ ਕਿਸਾਨਾਂ ਨੇ ਵਧ ਚੜ੍ਹ ਕੇ ਹਿੱਸਾ ਲਿਆ।

ਮਾਹਰਾਂ ਨੇ ਕਿਸਾਨਾਂ ਨੂੰ ਜੀਵ ਅੰਮ੍ਰਿਤ, ਬੀਜ ਅੰਮ੍ਰਿਤ ਅਤੇ ਦੇਸੀ ਖਾਦਾਂ ਤਿਆਰ ਕਰਨ ਦੀ ਵਿਧੀ ਬਾਰੇ ਦਸਿਆ।

ਉਨ੍ਹਾਂ ਕਿਹਾ ਕਿ ਰਸਾਇਣਾਂ ਦੀ ਵਰਤੋਂ ਘਟਾ ਕੇ ਜ਼ਮੀਨ ਦੀ ਸਿਹਤ ਸੁਧਾਰੀ ਜਾ ਸਕਦੀ ਹੈ।

ਕਿਸਾਨਾਂ ਨੂੰ ਮੰਡੀਕਰਨ ਦੇ ਨਵੇਂ ਤਰੀਕਿਆਂ ਬਾਰੇ ਵੀ ਜਾਣਕਾਰੀ ਦਿਤੀ ਗਈ।

ਅੰਤ ਵਿਚ ਭਾਗ ਲੈਣ ਵਾਲੇ ਕਿਸਾਨਾਂ ਨੂੰ ਸਰਟੀਫ਼ਿਕੇਟ ਵੰਡੇ ਗਏ।

ਲਿਵਾਸਾ ਹਸਪਤਾਲ, ਹੁਸ਼ਿਆਰਪੁਰ ਨੇ ਖੇਤਰ ਵਿਚ ਰੀਨਲ ਕੇਅਰ ਨੂੰ ਹੋਰ ਮਜ਼ਬੂਤ ਕੀਤਾ !

ਹੁਸ਼ਿਆਰਪੁਰ, 7 ਨਵੰਬਰ (ਰਾਕੇਸ਼ ਸਿੰਘ) :

ਲਿਵਾਸਾ ਹਸਪਤਾਲ ਹੁਸ਼ਿਆਰਪੁਰ ਨੇ ਖੇਤਰ ਵਿਚ ਗੁਰਦਿਆਂ ਦੇ ਇਲਾਜ ਦੀਆਂ ਸਹੂਲਤਾਂ ਨੂੰ ਹੋਰ ਮਜ਼ਬੂਤ ਕੀਤਾ ਹੈ।

ਹਸਪਤਾਲ ਵਲੋਂ ਆਧੁਨਿਕ ਡਾਇਲਸਿਸ ਯੂਨਿਟ ਅਤੇ ਮਾਹਰ ਡਾਕਟਰਾਂ ਦੀ ਟੀਮ ਮੁਹੱਈਆ ਕਰਵਾਈ ਗਈ ਹੈ।

ਡਾਕਟਰਾਂ ਨੇ ਦਸਿਆ ਕਿ ਗੁਰਦਿਆਂ ਦੀ ਬਿਮਾਰੀ (CKD) ਦੇ ਕੇਸ ਲਗਾਤਾਰ ਵਧ ਰਹੇ ਹਨ।

ਪ੍ਰੈਸ ਕਾਨਫ਼ਰੰਸ ਦੌਰਾਨ ਜਾਣਕਾਰੀ ਦਿੰਦੇ ਹੋਏ ਲਿਵਾਸਾ ਹਸਪਤਾਲ ਦੇ ਡਾਕਟਰ।

ਸ਼ੂਗਰ ਅਤੇ ਹਾਈ ਬਲੱਡ ਪ੍ਰੈਸ਼ਰ ਗੁਰਦਿਆਂ ਦੀ ਬਿਮਾਰੀ ਦੇ ਮੁੱਖ ਕਾਰਨ ਹਨ।

ਉਨ੍ਹਾਂ ਕਿਹਾ ਕਿ ਸਮੇਂ ਸਿਰ ਜਾਂਚ ਨਾਲ CKD ਨੂੰ ਰੋਕਿਆ ਜਾ ਸਕਦਾ ਹੈ।

ਹਸਪਤਾਲ ਵਲੋਂ ਮੁਫ਼ਤ ਜਾਂਚ ਕੈਂਪ ਵੀ ਲਗਾਏ ਜਾਣਗੇ।
